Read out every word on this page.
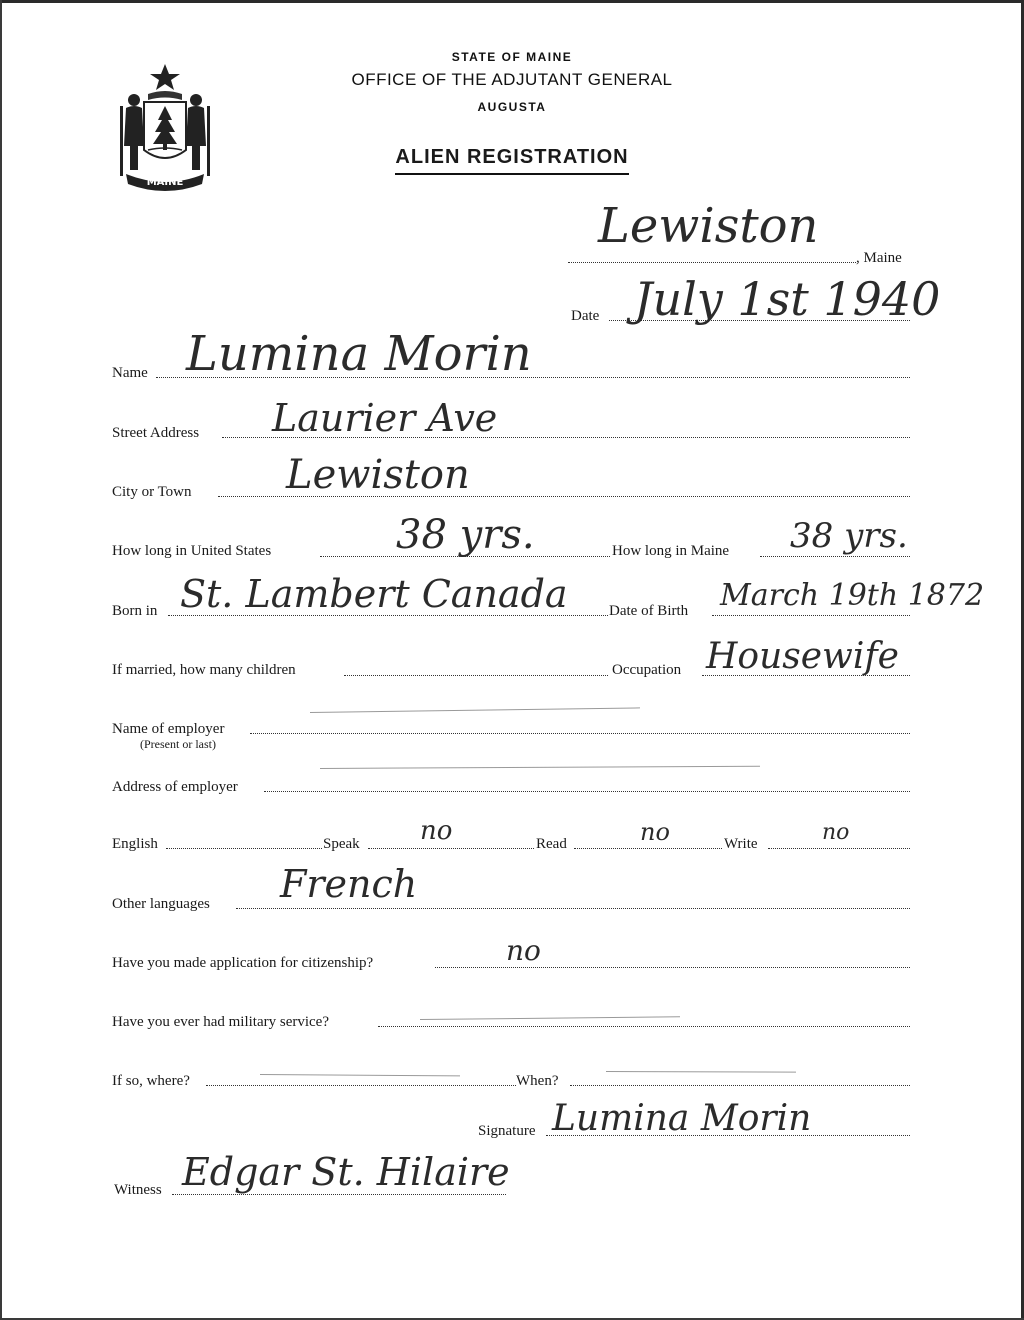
MAINE
STATE OF MAINE
OFFICE OF THE ADJUTANT GENERAL
AUGUSTA
ALIEN REGISTRATION
Lewiston
, Maine
Date July 1st 1940
Name Lumina Morin
Street Address Laurier Ave
City or Town Lewiston
How long in United States	38 yrs.	How long in Maine 38 yrs.
Born in St. Lambert Canada	Date of Birth March 19th 1872
If married, how many children	Occupation Housewife
Name of employer
(Present or last)
Address of employer
English	Speak no	Read	no	Write	no
Other languages French
Have you made application for citizenship?	no
Have you ever had military service?
If so, where?	When?
Signature Lumina Morin
Witness Edgar St. Hilaire
